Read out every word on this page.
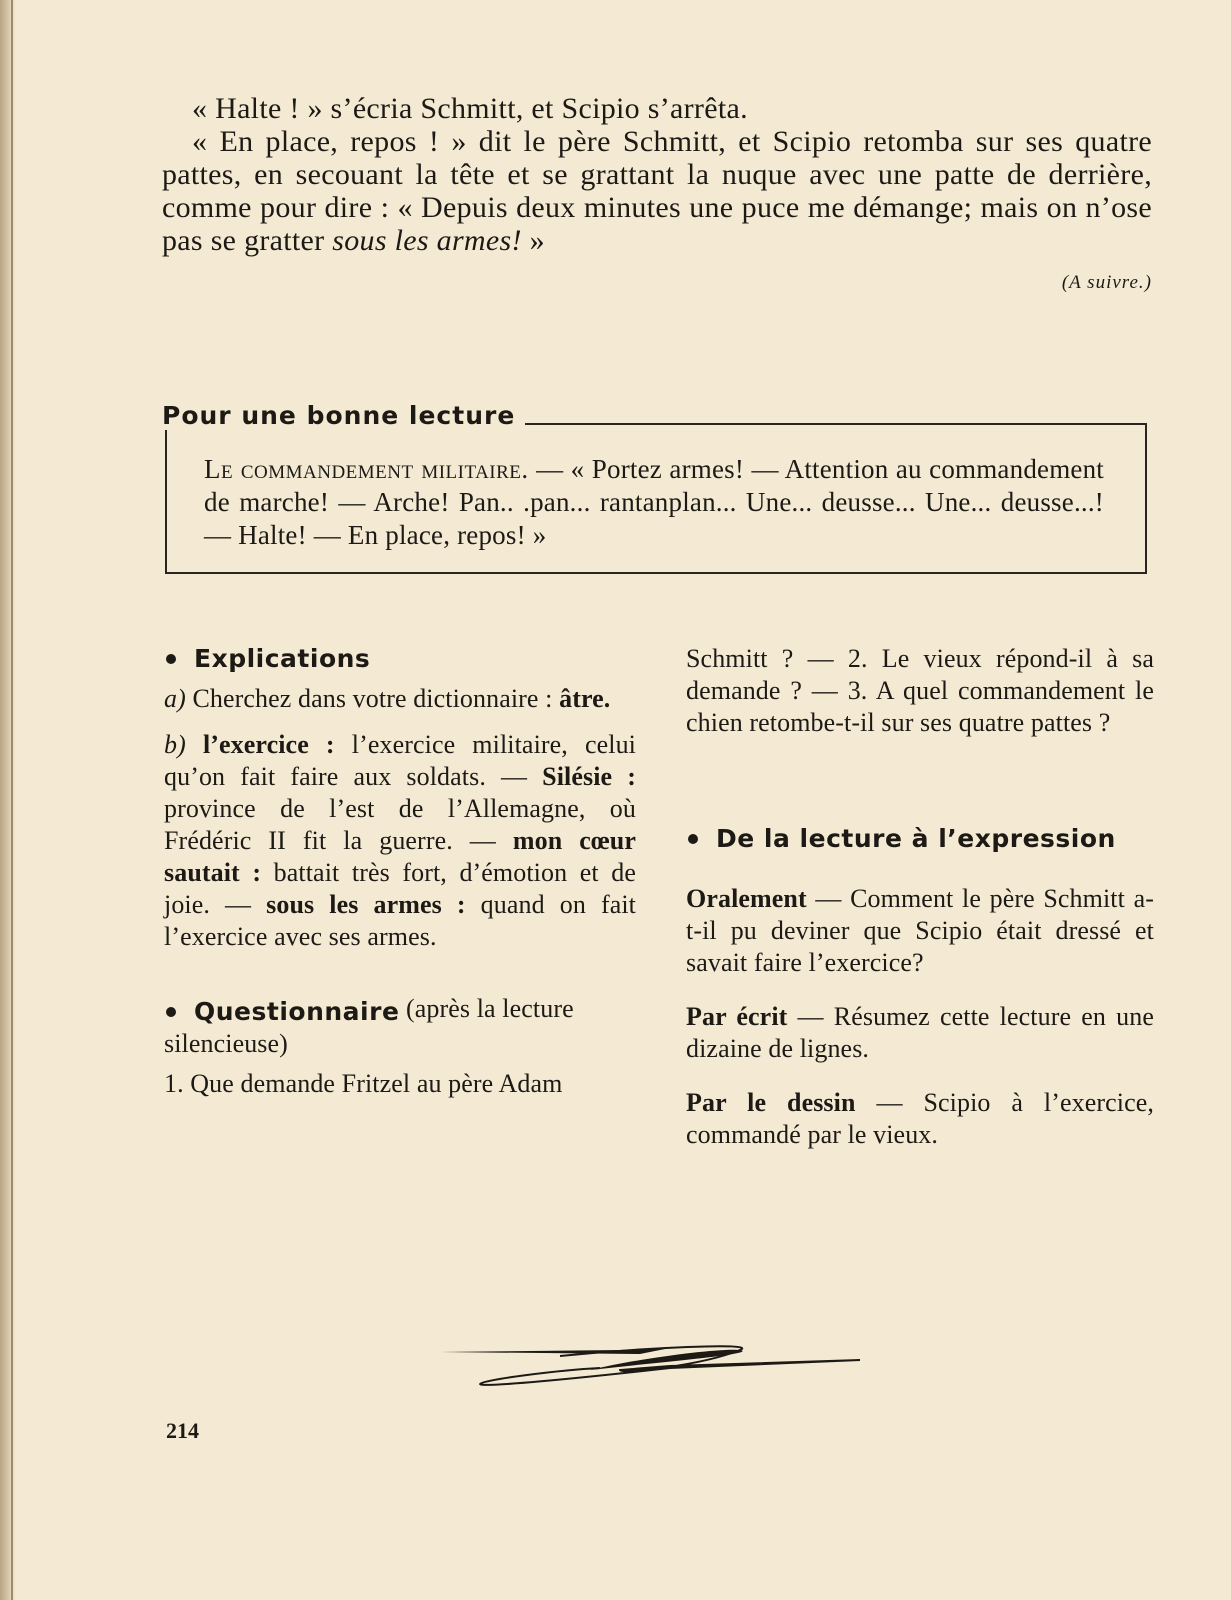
« Halte ! » s’écria Schmitt, et Scipio s’arrêta.

« En place, repos ! » dit le père Schmitt, et Scipio retomba sur ses quatre pattes, en secouant la tête et se grattant la nuque avec une patte de derrière, comme pour dire : « Depuis deux minutes une puce me démange; mais on n’ose pas se gratter sous les armes! »

(A suivre.)
Pour une bonne lecture
Le commandement militaire. — « Portez armes! — Attention au commandement de marche! — Arche! Pan.. .pan... rantanplan... Une... deusse... Une... deusse...! — Halte! — En place, repos! »
Explications

a) Cherchez dans votre dictionnaire : âtre.

b) l’exercice : l’exercice militaire, celui qu’on fait faire aux soldats. — Silésie : province de l’est de l’Allemagne, où Frédéric II fit la guerre. — mon cœur sautait : battait très fort, d’émotion et de joie. — sous les armes : quand on fait l’exercice avec ses armes.

Questionnaire (après la lecture silencieuse)

1. Que demande Fritzel au père Adam

Schmitt ? — 2. Le vieux répond-il à sa demande ? — 3. A quel commandement le chien retombe-t-il sur ses quatre pattes ?

De la lecture à l’expression

Oralement — Comment le père Schmitt a-t-il pu deviner que Scipio était dressé et savait faire l’exercice?

Par écrit — Résumez cette lecture en une dizaine de lignes.

Par le dessin — Scipio à l’exercice, commandé par le vieux.

214
